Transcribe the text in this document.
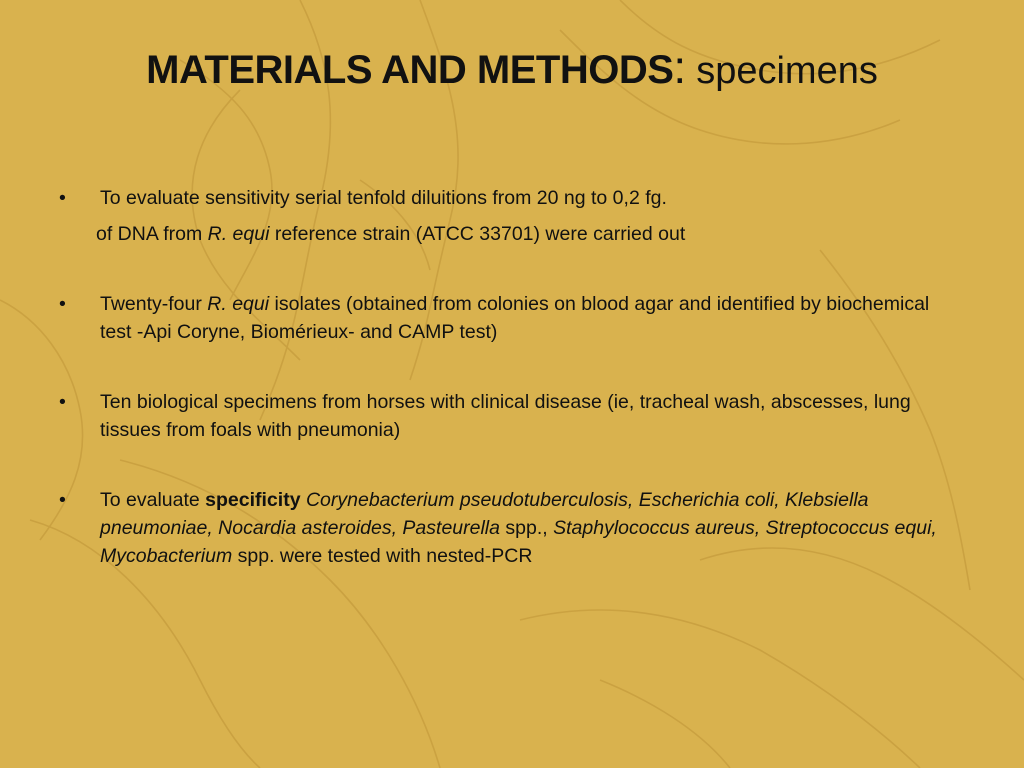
MATERIALS AND METHODS: specimens
• To evaluate sensitivity serial tenfold diluitions from 20 ng to 0,2 fg.
of DNA from R. equi reference strain (ATCC 33701) were carried out
• Twenty-four R. equi isolates (obtained from colonies on blood agar and identified by biochemical test -Api Coryne, Biomérieux- and CAMP test)
• Ten biological specimens from horses with clinical disease (ie, tracheal wash, abscesses, lung tissues from foals with pneumonia)
• To evaluate specificity Corynebacterium pseudotuberculosis, Escherichia coli, Klebsiella pneumoniae, Nocardia asteroides, Pasteurella spp., Staphylococcus aureus, Streptococcus equi, Mycobacterium spp. were tested with nested-PCR
